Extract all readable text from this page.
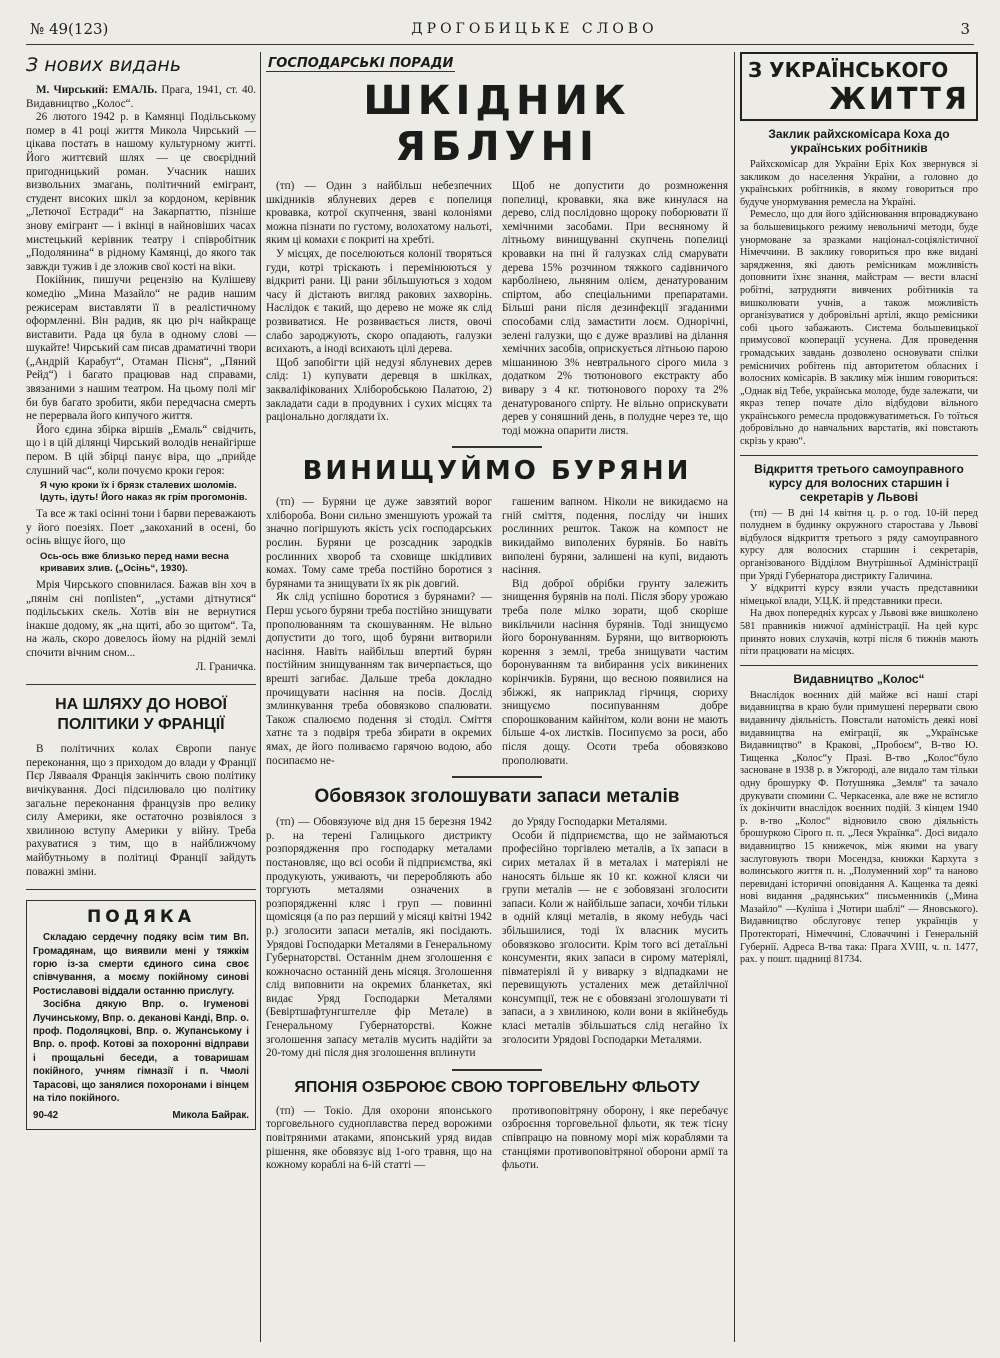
№ 49(123)	ДРОГОБИЦЬКЕ СЛОВО	3
З нових видань

М. Чирський: ЕМАЛЬ. Прага, 1941, ст. 40. Видавництво „Колос“.

26 лютого 1942 р. в Камянці Подільському помер в 41 році життя Микола Чирський — цікава постать в нашому культурному житті. Його життєвий шлях — це своєрідний пригодницький роман. Учасник наших визвольних змагань, політичний емігрант, студент високих шкіл за кордоном, керівник „Летючої Естради“ на Закарпаттю, пізніше знову емігрант — і вкінці в найновіших часах мистецький керівник театру і співробітник „Подолянина“ в рідному Камянці, до якого так завжди тужив і де зложив свої кості на віки.

Покійник, пишучи рецензію на Кулішеву комедію „Мина Мазайло“ не радив нашим режисерам виставляти її в реалістичному оформленні. Він радив, як цю річ найкраще виставити. Рада ця була в одному слові — шукайте! Чирський сам писав драматичні твори („Андрій Карабут“, Отаман Пісня“, „Пяний Рейд“) і багато працював над справами, звязаними з нашим театром. На цьому полі міг би був багато зробити, якби передчасна смерть не перервала його кипучого життя.

Його єдина збірка віршів „Емаль“ свідчить, що і в цій ділянці Чирський володів ненайгірше пером. В цій збірці панує віра, що „прийде слушний час“, коли почуємо кроки героя:

Я чую кроки їх і брязк сталевих шоломів. Ідуть, ідуть! Його наказ як грім прогомонів.

Та все ж такі осінні тони і барви переважають у його поезіях. Поет „закоханий в осені, бо осінь віщує його, що

Ось-ось вже близько перед нами весна кривавих злив. („Осінь“, 1930).

Мрія Чирського сповнилася. Бажав він хоч в „пянім сні попlisten“, „устами дітнутися“ подільських скель. Хотів він не вернутися інакше додому, як „на щиті, або зо щитом“. Та, на жаль, скоро довелось йому на рідній землі спочити вічним сном...

Л. Граничка.

НА ШЛЯХУ ДО НОВОЇ ПОЛІТИКИ У ФРАНЦІЇ

В політичних колах Європи панує переконання, що з приходом до влади у Франції Пєр Лявааля Франція закінчить свою політику вичікування. Досі підсилювало цю політику загальне переконання французів про велику силу Америки, яке остаточно розвіялося з хвилиною вступу Америки у війну. Треба рахуватися з тим, що в найближчому майбутньому в політиці Франції зайдуть поважні зміни.

ПОДЯКА

Складаю сердечну подяку всім тим Вп. Громадянам, що виявили мені у тяжкім горю із-за смерти єдиного сина своє співчування, а моєму покійному синові Ростиславові віддали останню прислугу.

Зосібна дякую Впр. о. Ігуменові Лучинському, Впр. о. деканові Канді, Впр. о. проф. Подоляцкові, Впр. о. Жупанському і Впр. о. проф. Котові за похоронні відправи і прощальні беседи, а товаришам покійного, учням гімназії і п. Чмолі Тарасові, що занялися похоронами і вінцем на тіло покійного.

90-42	Микола Байрак.
ГОСПОДАРСЬКІ ПОРАДИ
ШКІДНИК ЯБЛУНІ

(тп) — Один з найбільш небезпечних шкідників яблуневих дерев є попелиця кровавка, котрої скупчення, звані колоніями можна пізнати по густому, волохатому нальоті, яким ці комахи є покриті на хребті.

У місцях, де поселюються колонії творяться гуди, котрі тріскають і перемінюються у відкриті рани. Ці рани збільшуються з ходом часу й дістають вигляд ракових захворінь. Наслідок є такий, що дерево не може як слід розвиватися. Не розвивається листя, овочі слабо зароджують, скоро опадають, галузки всихають, а іноді всихають цілі дерева.

Щоб запобігти цій недузі яблуневих дерев слід: 1) купувати деревця в шкілках, закваліфікованих Хліборобською Палатою, 2) закладати сади в продувних і сухих місцях та раціонально доглядати їх.

Щоб не допустити до розмноження попелиці, кровавки, яка вже кинулася на дерево, слід послідовно щороку поборювати її хемічними засобами. При весняному й літньому винищуванні скупчень попелиці кровавки на пні й галузках слід смарувати дерева 15% розчином тяжкого садівничого карболінею, льняним олієм, денатурованим спіртом, або спеціальними препаратами. Більші рани після дезинфекції згаданими способами слід замастити лоєм. Однорічні, зелені галузки, що є дуже вразливі на ділання хемічних засобів, оприскується літньою парою мішаниною 3% невтрального сірого мила з додатком 2% тютюнового екстракту або вивару з 4 кг. тютюнового пороху та 2% денатурованого спірту. Не вільно оприскувати дерев у соняшний день, в полудне через те, що тоді можна опарити листя.

ВИНИЩУЙМО БУРЯНИ

(тп) — Буряни це дуже завзятий ворог хлібороба. Вони сильно зменшують урожай та значно погіршують якість усіх господарських рослин. Буряни це розсадник зародків рослинних хвороб та сховище шкідливих комах. Тому саме треба постійно боротися з бурянами та знищувати їх як рік довгий.

Як слід успішно боротися з бурянами? — Перш усього буряни треба постійно знищувати пропoлюванням та скошуванням. Не вільно допустити до того, щоб буряни витворили насіння. Навіть найбільш впертий бурян постійним знищуванням так вичерпається, що врешті загибає. Дальше треба докладно прочищувати насіння на посів. Дослід змлинкування треба обовязково спалювати. Також спалюємо подення зі стоділ. Сміття хатнє та з подвіря треба збирати в окремих ямах, де його поливаємо гарячою водою, або посипаємо не-

гашеним вапном. Ніколи не викидаємо на гній сміття, подення, послідy чи інших рослинних решток. Також на компост не викидаймо виполених бурянів. Бо навіть виполені буряни, залишені на купі, видають насіння.

Від доброї обрібки грунту залежить знищення бурянів на полі. Після збору урожаю треба поле мілко зорати, щоб скоріше викільчили насіння бурянів. Тоді знищуємо його боронуванням. Буряни, що витворюють корення з землі, треба знищувати частим боронуванням та вибирання усіх викинених корінчиків. Буряни, що весною появилися на збіжжі, як наприклад гірчиця, сюриху знищуємо посипуванням добре споpошковaним кайнітом, коли вони не мають більше 4-ох листків. Посипуємо за роси, або після дощу. Осоти треба обовязково пропoлювати.

Обовязок зголошувати запаси металів

(тп) — Обовязуюче від дня 15 березня 1942 р. на терені Галицького дистрикту розпорядження про господарку металами постановляє, що всі особи й підприємства, які продукують, уживають, чи переробляють або торгують металями означених в розпорядженні кляс і груп — повинні щомісяця (а по раз перший у місяці квітні 1942 р.) зголосити запаси металів, які посідають. Урядові Господарки Металями в Генеральному Губернаторстві. Останнім днем зголошення є кожночасно останній день місяця. Зголошення слід виповнити на окремих бланкетах, які видає Уряд Господарки Металями (Бевіртшафтунгштелле фір Метале) в Генеральному Губернаторстві. Кожне зголошення запасу металів мусить надійти за 20-тому дні після дня зголошення вплинути

до Уряду Господарки Металями.

Особи й підприємства, що не займаються професійно торгівлею металів, а їх запаси в сирих металах й в металах і матеріялі не наносять більше як 10 кг. кожної кляси чи групи металів — не є зобовязані зголосити запаси. Коли ж найбільше запаси, хочби тільки в одній кляці металів, в якому небудь часі збільшилися, тоді їх власник мусить обовязково зголосити. Крім того всі детаїльні консументи, яких запаси в сирому матеріялі, півматеріялі й у виварку з відпадками не перевищують усталених меж детайлічної консумпції, теж не є обовязані зголошувати ті запаси, а з хвилиною, коли вони в якійнебудь класі металів збільшаться слід негайно їх зголосити Урядові Господарки Металями.

ЯПОНІЯ ОЗБРОЮЄ СВОЮ ТОРГОВЕЛЬНУ ФЛЬОТУ

(тп) — Токіо. Для охорони японського торговельного судноплавства перед ворожими повітряними атаками, японський уряд видав рішення, яке обовязує від 1-ого травня, що на кожному кораблі на 6-ій статті —

противоповітряну оборону, і яке перебачує озброєння торговельної фльоти, як теж тісну співпрацю на повному морі між кораблями та станціями противоповітряної оборони армії та фльоти.

З УКРАЇНСЬКОГО
ЖИТТЯ
Заклик райхскомісара Коха до українських робітників

Райхскомісар для України Еріх Кох звернувся зі закликом до населення України, а головно до українських робітників, в якому говориться про будуче унормування ремесла на Україні.

Ремесло, що для його здійснювання впроваджувано за большевицького режиму невольничі методи, буде унормоване за зразками націонал-соціялістичної Німеччини. В заклику говориться про вже видані зарядження, які дають ремісникам можливість доповнити їхнє знання, майстрам — вести власні робітні, затрудняти вивчених робітників та вишколювати учнів, а також можливість організуватися у добровільні артілі, якщо ремісники собі цього забажають. Система большевицької примусової кооперації усунена. Для проведення громадських завдань дозволено основувати спілки ремісничих робітень під авторитетом обласних і волосних комісарів. В заклику між іншим говориться: „Однак від Тебе, українська молоде, буде залежати, чи якраз тепер почате діло відбудови вільного українського ремесла продовжуватиметься. Го тоїться добровільно до навчальних варстатів, які повстають скрізь у краю“.

Відкриття третього самоуправного курсу для волосних старшин і секретарів у Львові

(тп) — В дні 14 квітня ц. р. о год. 10-ій перед полуднем в будинку окружного старостава у Львові відбулося відкриття третього з ряду самоуправного курсу для волосних старшин і секретарів, організованого Відділом Внутрішньої Адміністрації при Уряді Губернатора дистрикту Галичина.

У відкритті курсу взяли участь представники німецької влади, У.Ц.К. й представники преси.

На двох попередніх курсах у Львові вже вишколено 581 правників нижчої адміністрації. На цей курс принято нових слухачів, котрі після 6 тижнів мають піти працювати на місцях.

Видавництво „Колос“

Внаслідок воєнних дій майже всі наші старі видавництва в краю були примушені перервати свою видавничу діяльність. Повстали натомість деякі нові видавництва на еміграції, як „Українське Видавництво“ в Кракові, „Пробоєм“, В-тво Ю. Тищенка „Колос“у Празі. В-тво „Колос“було засноване в 1938 р. в Ужгороді, але видало там тільки одну брошурку Ф. Потушняка „Земля“ та зачало друкувати спомини С. Черкасенка, але вже не встигло їх докінчити внаслідок воєнних подій. З кінцем 1940 р. в-тво „Колос“ відновило свою діяльність брошуркою Сірого п. п. „Леся Українка“. Досі видало видавництво 15 книжечок, між якими на увагу заслуговують твори Мосендза, книжки Кархута з волинського життя п. н. „Полуменний хор“ та наново перевидані історичні оповідання А. Кащенка та деякі нові видання „радянських“ письменників („Мина Мазайло“ —Куліша і „Чотири шаблі“ — Яновського). Видавництво обслуговує тепер українців у Протектораті, Німеччині, Словаччині і Генеральній Губернії. Адреса В-тва така: Прага XVIII, ч. п. 1477, рах. у пошт. щадниці 81734.
